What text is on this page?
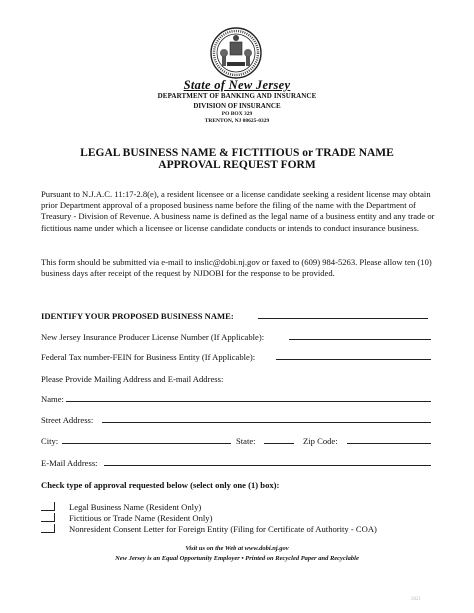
State of New Jersey
DEPARTMENT OF BANKING AND INSURANCE
DIVISION OF INSURANCE
PO BOX 329
TRENTON, NJ 08625-0329
LEGAL BUSINESS NAME & FICTITIOUS or TRADE NAME
APPROVAL REQUEST FORM
Pursuant to N.J.A.C. 11:17-2.8(e), a resident licensee or a license candidate seeking a resident license may obtain prior Department approval of a proposed business name before the filing of the name with the Department of Treasury - Division of Revenue. A business name is defined as the legal name of a business entity and any trade or fictitious name under which a licensee or license candidate conducts or intends to conduct insurance business.
This form should be submitted via e-mail to inslic@dobi.nj.gov or faxed to (609) 984-5263. Please allow ten (10) business days after receipt of the request by NJDOBI for the response to be provided.
IDENTIFY YOUR PROPOSED BUSINESS NAME:
New Jersey Insurance Producer License Number (If Applicable):
Federal Tax number-FEIN for Business Entity (If Applicable):
Please Provide Mailing Address and E-mail Address:
Name:
Street Address:
City:	State:	Zip Code:
E-Mail Address:
Check type of approval requested below (select only one (1) box):
Legal Business Name (Resident Only)
Fictitious or Trade Name (Resident Only)
Nonresident Consent Letter for Foreign Entity (Filing for Certificate of Authority - COA)
Visit us on the Web at www.dobi.nj.gov
New Jersey is an Equal Opportunity Employer • Printed on Recycled Paper and Recyclable
2021
